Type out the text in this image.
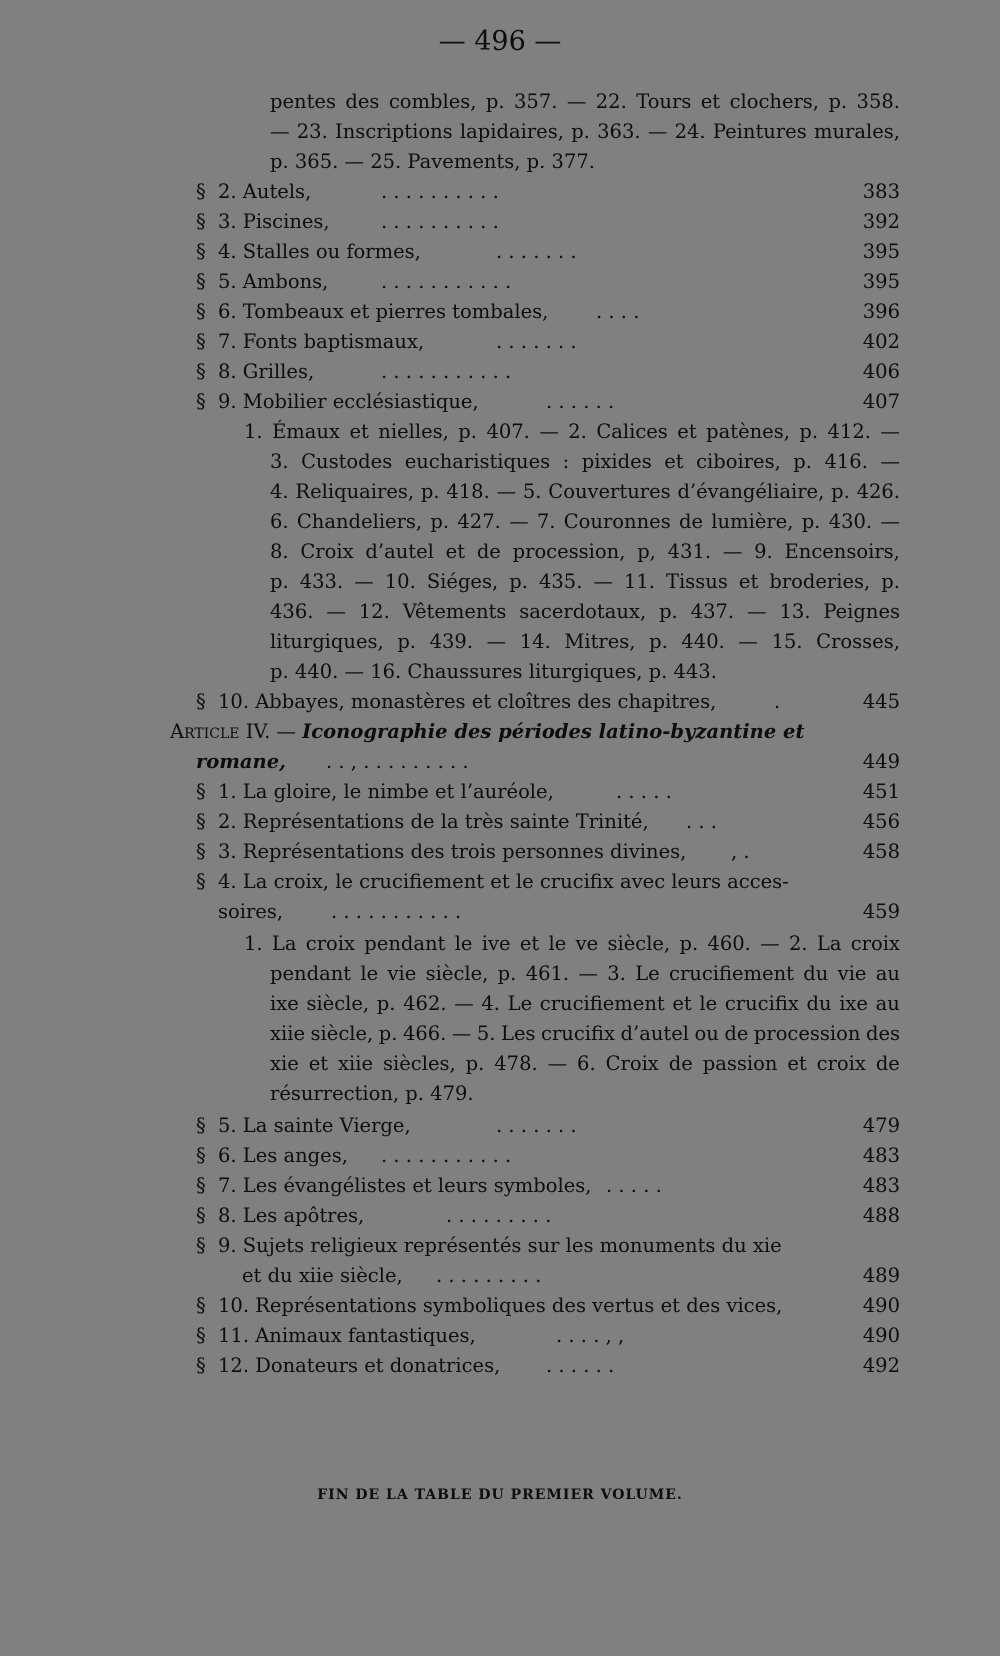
— 496 —
pentes des combles, p. 357. — 22. Tours et clochers, p. 358.
— 23. Inscriptions lapidaires, p. 363. — 24. Peintures murales,
p. 365. — 25. Pavements, p. 377.
§ 2. Autels,	. . . . . . . . . .	383
§ 3. Piscines,	. . . . . . . . . .	392
§ 4. Stalles ou formes,	. . . . . . .	395
§ 5. Ambons,	. . . . . . . . . . .	395
§ 6. Tombeaux et pierres tombales, . . . .	396
§ 7. Fonts baptismaux,	. . . . . . .	402
§ 8. Grilles,	. . . . . . . . . . .	406
§ 9. Mobilier ecclésiastique,	. . . . . .	407
1. Émaux et nielles, p. 407. — 2. Calices et patènes, p. 412. —
3. Custodes eucharistiques : pixides et ciboires, p. 416. —
4. Reliquaires, p. 418. — 5. Couvertures d’évangéliaire, p. 426.
6. Chandeliers, p. 427. — 7. Couronnes de lumière, p. 430. —
8. Croix d’autel et de procession, p, 431. — 9. Encensoirs,
p. 433. — 10. Siéges, p. 435. — 11. Tissus et broderies, p.
436. — 12. Vêtements sacerdotaux, p. 437. — 13. Peignes
liturgiques, p. 439. — 14. Mitres, p. 440. — 15. Crosses,
p. 440. — 16. Chaussures liturgiques, p. 443.
§ 10. Abbayes, monastères et cloîtres des chapitres,	.	445
Article IV. — Iconographie des périodes latino-byzantine et
romane, . . , . . . . . . . . .	449
§ 1. La gloire, le nimbe et l’auréole,	. . . . .	451
§ 2. Représentations de la très sainte Trinité, . . .	456
§ 3. Représentations des trois personnes divines, , .	458
§ 4. La croix, le crucifiement et le crucifix avec leurs acces-
soires, . . . . . . . . . . .	459
1. La croix pendant le ive et le ve siècle, p. 460. — 2. La croix
pendant le vie siècle, p. 461. — 3. Le crucifiement du vie au
ixe siècle, p. 462. — 4. Le crucifiement et le crucifix du ixe au
xiie siècle, p. 466. — 5. Les crucifix d’autel ou de procession des
xie et xiie siècles, p. 478. — 6. Croix de passion et croix de
résurrection, p. 479.
§ 5. La sainte Vierge,	. . . . . . .	479
§ 6. Les anges, . . . . . . . . . . .	483
§ 7. Les évangélistes et leurs symboles, . . . . .	483
§ 8. Les apôtres,	. . . . . . . . .	488
§ 9. Sujets religieux représentés sur les monuments du xie
et du xiie siècle, . . . . . . . . .	489
§ 10. Représentations symboliques des vertus et des vices,	490
§ 11. Animaux fantastiques,	. . . . , ,	490
§ 12. Donateurs et donatrices, . . . . . .	492
FIN DE LA TABLE DU PREMIER VOLUME.
